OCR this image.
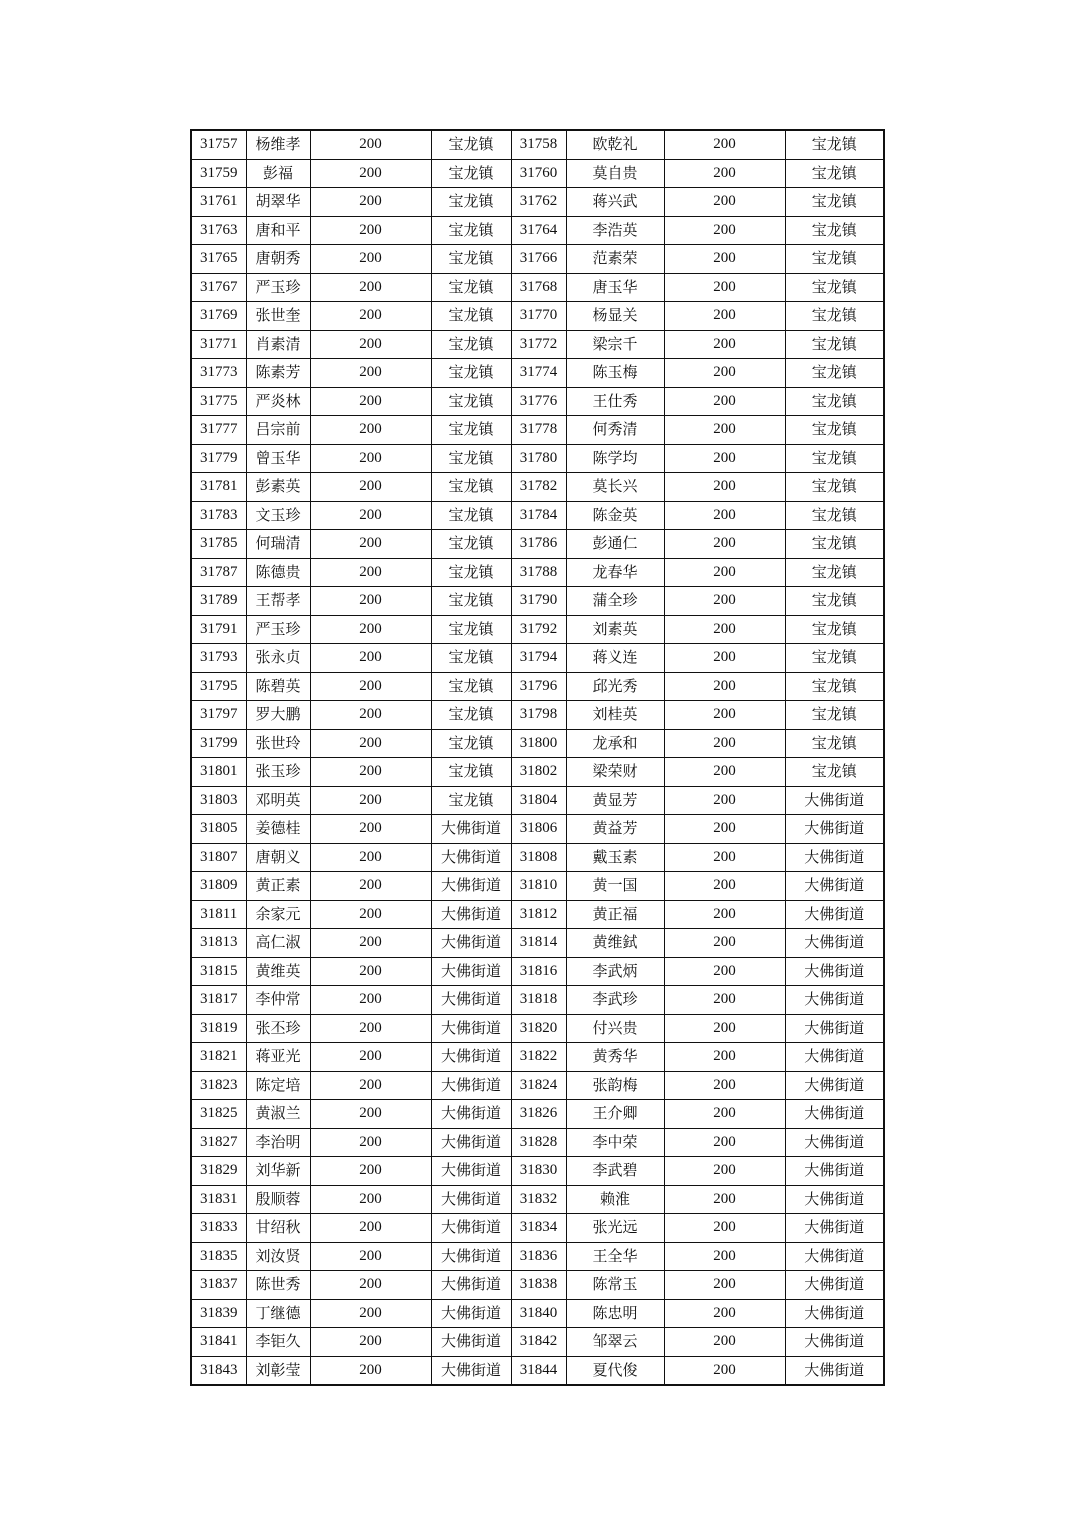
31757	杨维孝	200	宝龙镇	31758	欧乾礼	200	宝龙镇
31759	彭福	200	宝龙镇	31760	莫自贵	200	宝龙镇
31761	胡翠华	200	宝龙镇	31762	蒋兴武	200	宝龙镇
31763	唐和平	200	宝龙镇	31764	李浩英	200	宝龙镇
31765	唐朝秀	200	宝龙镇	31766	范素荣	200	宝龙镇
31767	严玉珍	200	宝龙镇	31768	唐玉华	200	宝龙镇
31769	张世奎	200	宝龙镇	31770	杨显关	200	宝龙镇
31771	肖素清	200	宝龙镇	31772	梁宗千	200	宝龙镇
31773	陈素芳	200	宝龙镇	31774	陈玉梅	200	宝龙镇
31775	严炎林	200	宝龙镇	31776	王仕秀	200	宝龙镇
31777	吕宗前	200	宝龙镇	31778	何秀清	200	宝龙镇
31779	曾玉华	200	宝龙镇	31780	陈学均	200	宝龙镇
31781	彭素英	200	宝龙镇	31782	莫长兴	200	宝龙镇
31783	文玉珍	200	宝龙镇	31784	陈金英	200	宝龙镇
31785	何瑞清	200	宝龙镇	31786	彭通仁	200	宝龙镇
31787	陈德贵	200	宝龙镇	31788	龙春华	200	宝龙镇
31789	王帮孝	200	宝龙镇	31790	蒲全珍	200	宝龙镇
31791	严玉珍	200	宝龙镇	31792	刘素英	200	宝龙镇
31793	张永贞	200	宝龙镇	31794	蒋义连	200	宝龙镇
31795	陈碧英	200	宝龙镇	31796	邱光秀	200	宝龙镇
31797	罗大鹏	200	宝龙镇	31798	刘桂英	200	宝龙镇
31799	张世玲	200	宝龙镇	31800	龙承和	200	宝龙镇
31801	张玉珍	200	宝龙镇	31802	梁荣财	200	宝龙镇
31803	邓明英	200	宝龙镇	31804	黄显芳	200	大佛街道
31805	姜德桂	200	大佛街道	31806	黄益芳	200	大佛街道
31807	唐朝义	200	大佛街道	31808	戴玉素	200	大佛街道
31809	黄正素	200	大佛街道	31810	黄一国	200	大佛街道
31811	余家元	200	大佛街道	31812	黄正福	200	大佛街道
31813	高仁淑	200	大佛街道	31814	黄维鉽	200	大佛街道
31815	黄维英	200	大佛街道	31816	李武炳	200	大佛街道
31817	李仲常	200	大佛街道	31818	李武珍	200	大佛街道
31819	张丕珍	200	大佛街道	31820	付兴贵	200	大佛街道
31821	蒋亚光	200	大佛街道	31822	黄秀华	200	大佛街道
31823	陈定培	200	大佛街道	31824	张韵梅	200	大佛街道
31825	黄淑兰	200	大佛街道	31826	王介卿	200	大佛街道
31827	李治明	200	大佛街道	31828	李中荣	200	大佛街道
31829	刘华新	200	大佛街道	31830	李武碧	200	大佛街道
31831	殷顺蓉	200	大佛街道	31832	赖淮	200	大佛街道
31833	甘绍秋	200	大佛街道	31834	张光远	200	大佛街道
31835	刘汝贤	200	大佛街道	31836	王全华	200	大佛街道
31837	陈世秀	200	大佛街道	31838	陈常玉	200	大佛街道
31839	丁继德	200	大佛街道	31840	陈忠明	200	大佛街道
31841	李钜久	200	大佛街道	31842	邹翠云	200	大佛街道
31843	刘彰莹	200	大佛街道	31844	夏代俊	200	大佛街道
